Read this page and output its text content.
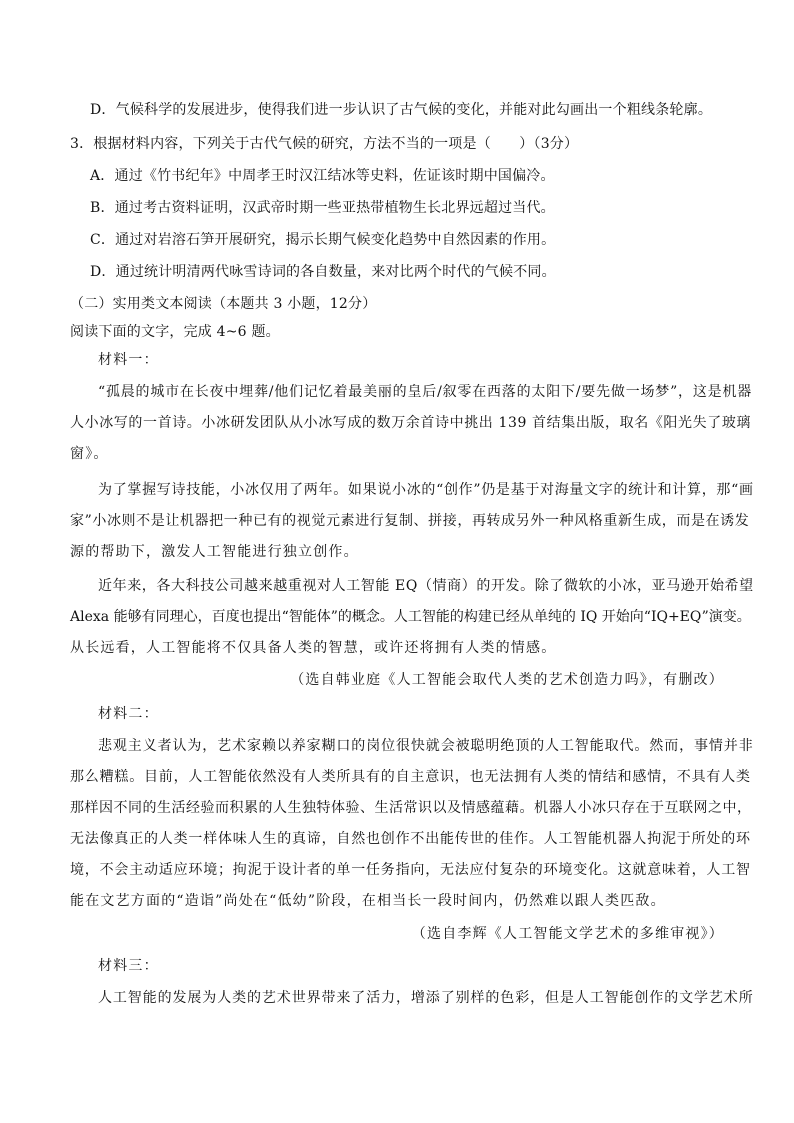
D．气候科学的发展进步，使得我们进一步认识了古气候的变化，并能对此勾画出一个粗线条轮廓。
3．根据材料内容，下列关于古代气候的研究，方法不当的一项是（　　）（3分）
A．通过《竹书纪年》中周孝王时汉江结冰等史料，佐证该时期中国偏冷。
B．通过考古资料证明，汉武帝时期一些亚热带植物生长北界远超过当代。
C．通过对岩溶石笋开展研究，揭示长期气候变化趋势中自然因素的作用。
D．通过统计明清两代咏雪诗词的各自数量，来对比两个时代的气候不同。
（二）实用类文本阅读（本题共 3 小题，12分）
阅读下面的文字，完成 4~6 题。
材料一：
“孤晨的城市在长夜中埋葬/他们记忆着最美丽的皇后/叙零在西落的太阳下/要先做一场梦”，这是机器
人小冰写的一首诗。小冰研发团队从小冰写成的数万余首诗中挑出 139 首结集出版，取名《阳光失了玻璃
窗》。
为了掌握写诗技能，小冰仅用了两年。如果说小冰的“创作”仍是基于对海量文字的统计和计算，那“画
家”小冰则不是让机器把一种已有的视觉元素进行复制、拼接，再转成另外一种风格重新生成，而是在诱发
源的帮助下，激发人工智能进行独立创作。
近年来，各大科技公司越来越重视对人工智能 EQ（情商）的开发。除了微软的小冰，亚马逊开始希望
Alexa 能够有同理心，百度也提出“智能体”的概念。人工智能的构建已经从单纯的 IQ 开始向“IQ+EQ”演变。
从长远看，人工智能将不仅具备人类的智慧，或许还将拥有人类的情感。
（选自韩业庭《人工智能会取代人类的艺术创造力吗》，有删改）
材料二：
悲观主义者认为，艺术家赖以养家糊口的岗位很快就会被聪明绝顶的人工智能取代。然而，事情并非
那么糟糕。目前，人工智能依然没有人类所具有的自主意识，也无法拥有人类的情结和感情，不具有人类
那样因不同的生活经验而积累的人生独特体验、生活常识以及情感蕴藉。机器人小冰只存在于互联网之中，
无法像真正的人类一样体味人生的真谛，自然也创作不出能传世的佳作。人工智能机器人拘泥于所处的环
境，不会主动适应环境；拘泥于设计者的单一任务指向，无法应付复杂的环境变化。这就意味着，人工智
能在文艺方面的“造诣”尚处在“低幼”阶段，在相当长一段时间内，仍然难以跟人类匹敌。
（选自李辉《人工智能文学艺术的多维审视》）
材料三：
人工智能的发展为人类的艺术世界带来了活力，增添了别样的色彩，但是人工智能创作的文学艺术所
